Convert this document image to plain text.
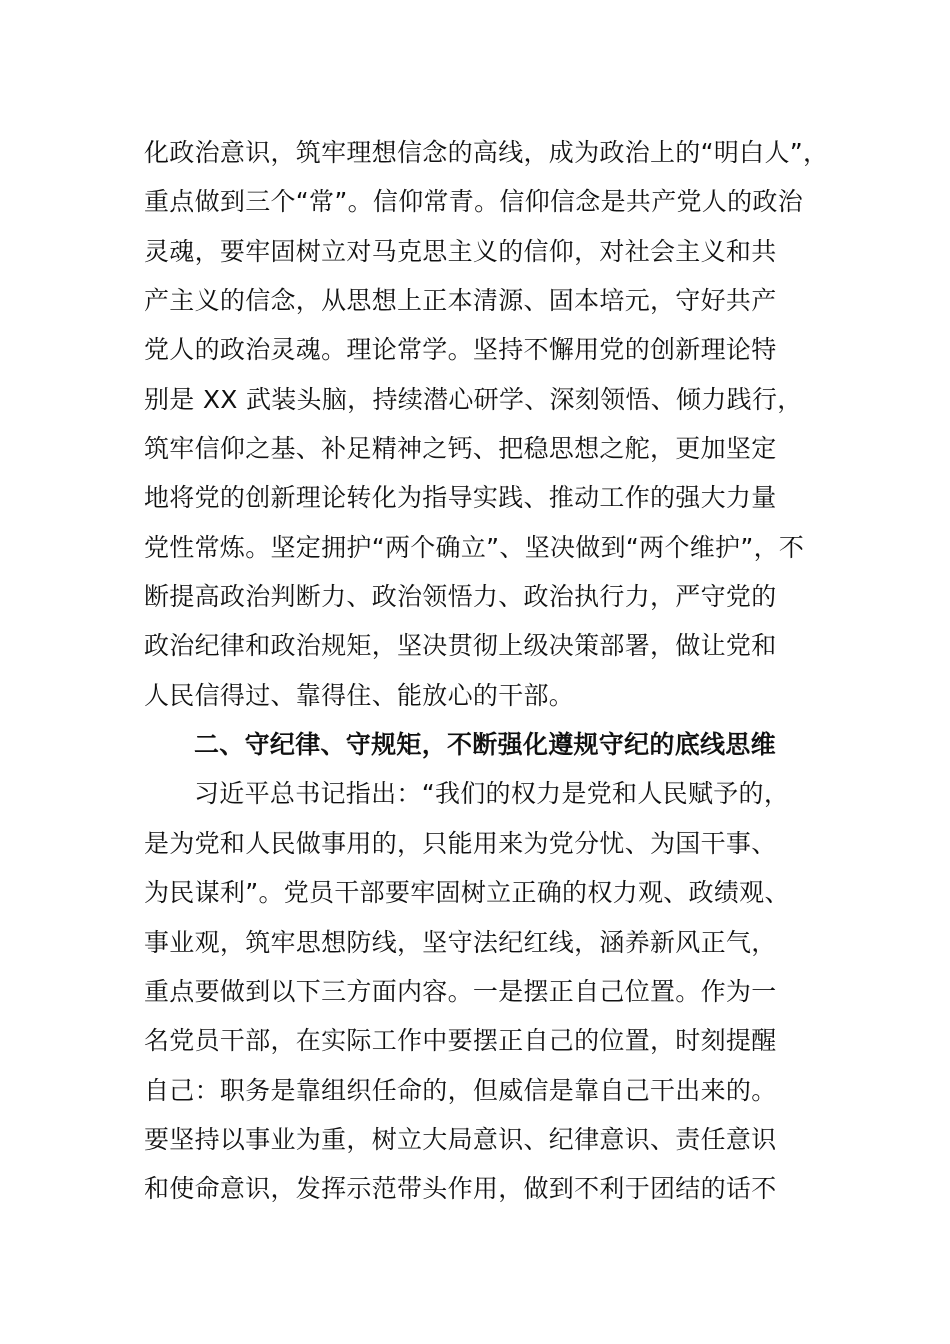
化政治意识，筑牢理想信念的高线，成为政治上的“明白人”，
重点做到三个“常”。信仰常青。信仰信念是共产党人的政治
灵魂，要牢固树立对马克思主义的信仰，对社会主义和共
产主义的信念，从思想上正本清源、固本培元，守好共产
党人的政治灵魂。理论常学。坚持不懈用党的创新理论特
别是 XX 武装头脑，持续潜心研学、深刻领悟、倾力践行，
筑牢信仰之基、补足精神之钙、把稳思想之舵，更加坚定
地将党的创新理论转化为指导实践、推动工作的强大力量
党性常炼。坚定拥护“两个确立”、坚决做到“两个维护”，不
断提高政治判断力、政治领悟力、政治执行力，严守党的
政治纪律和政治规矩，坚决贯彻上级决策部署，做让党和
人民信得过、靠得住、能放心的干部。
二、守纪律、守规矩，不断强化遵规守纪的底线思维
习近平总书记指出：“我们的权力是党和人民赋予的，
是为党和人民做事用的，只能用来为党分忧、为国干事、
为民谋利”。党员干部要牢固树立正确的权力观、政绩观、
事业观，筑牢思想防线，坚守法纪红线，涵养新风正气，
重点要做到以下三方面内容。一是摆正自己位置。作为一
名党员干部，在实际工作中要摆正自己的位置，时刻提醒
自己：职务是靠组织任命的，但威信是靠自己干出来的。
要坚持以事业为重，树立大局意识、纪律意识、责任意识
和使命意识，发挥示范带头作用，做到不利于团结的话不
